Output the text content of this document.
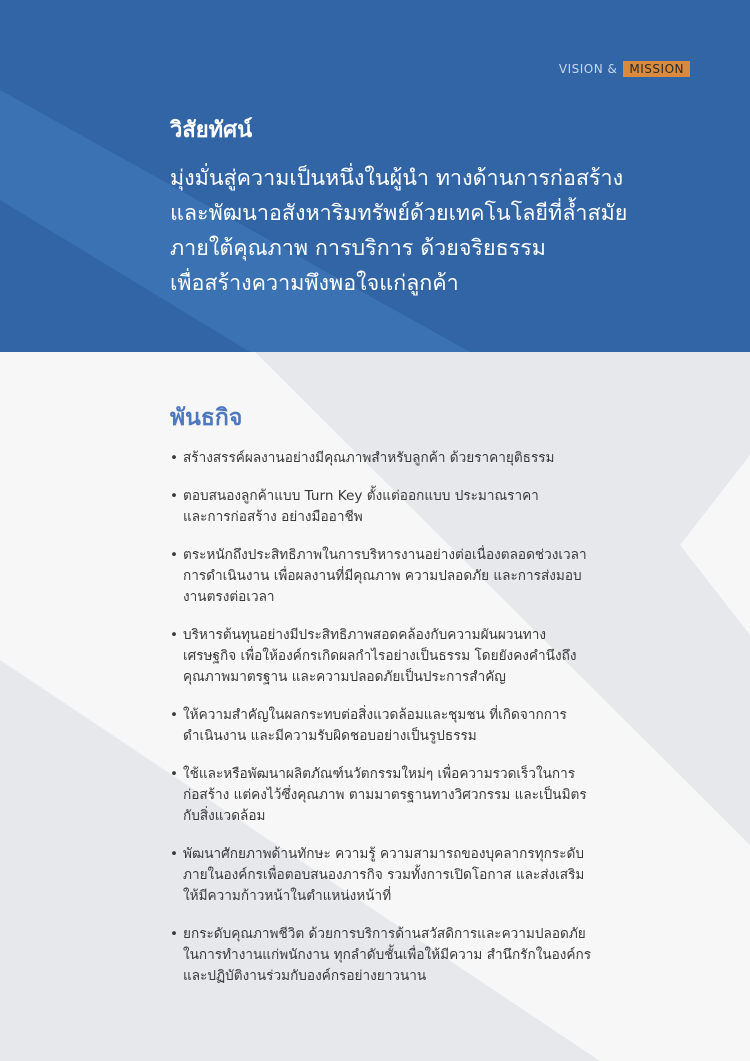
VISION &	MISSION
วิสัยทัศน์
มุ่งมั่นสู่ความเป็นหนึ่งในผู้นำ ทางด้านการก่อสร้าง
และพัฒนาอสังหาริมทรัพย์ด้วยเทคโนโลยีที่ล้ำสมัย
ภายใต้คุณภาพ การบริการ ด้วยจริยธรรม
เพื่อสร้างความพึงพอใจแก่ลูกค้า
พันธกิจ
• สร้างสรรค์ผลงานอย่างมีคุณภาพสำหรับลูกค้า ด้วยราคายุติธรรม
• ตอบสนองลูกค้าแบบ Turn Key ตั้งแต่ออกแบบ ประมาณราคา
และการก่อสร้าง อย่างมืออาชีพ
• ตระหนักถึงประสิทธิภาพในการบริหารงานอย่างต่อเนื่องตลอดช่วงเวลา
การดำเนินงาน เพื่อผลงานที่มีคุณภาพ ความปลอดภัย และการส่งมอบ
งานตรงต่อเวลา
• บริหารต้นทุนอย่างมีประสิทธิภาพสอดคล้องกับความผันผวนทาง
เศรษฐกิจ เพื่อให้องค์กรเกิดผลกำไรอย่างเป็นธรรม โดยยังคงคำนึงถึง
คุณภาพมาตรฐาน และความปลอดภัยเป็นประการสำคัญ
• ให้ความสำคัญในผลกระทบต่อสิ่งแวดล้อมและชุมชน ที่เกิดจากการ
ดำเนินงาน และมีความรับผิดชอบอย่างเป็นรูปธรรม
• ใช้และหรือพัฒนาผลิตภัณฑ์นวัตกรรมใหม่ๆ เพื่อความรวดเร็วในการ
ก่อสร้าง แต่คงไว้ซึ่งคุณภาพ ตามมาตรฐานทางวิศวกรรม และเป็นมิตร
กับสิ่งแวดล้อม
• พัฒนาศักยภาพด้านทักษะ ความรู้ ความสามารถของบุคลากรทุกระดับ
ภายในองค์กรเพื่อตอบสนองภารกิจ รวมทั้งการเปิดโอกาส และส่งเสริม
ให้มีความก้าวหน้าในตำแหน่งหน้าที่
• ยกระดับคุณภาพชีวิต ด้วยการบริการด้านสวัสดิการและความปลอดภัย
ในการทำงานแก่พนักงาน ทุกลำดับชั้นเพื่อให้มีความ สำนึกรักในองค์กร
และปฏิบัติงานร่วมกับองค์กรอย่างยาวนาน
